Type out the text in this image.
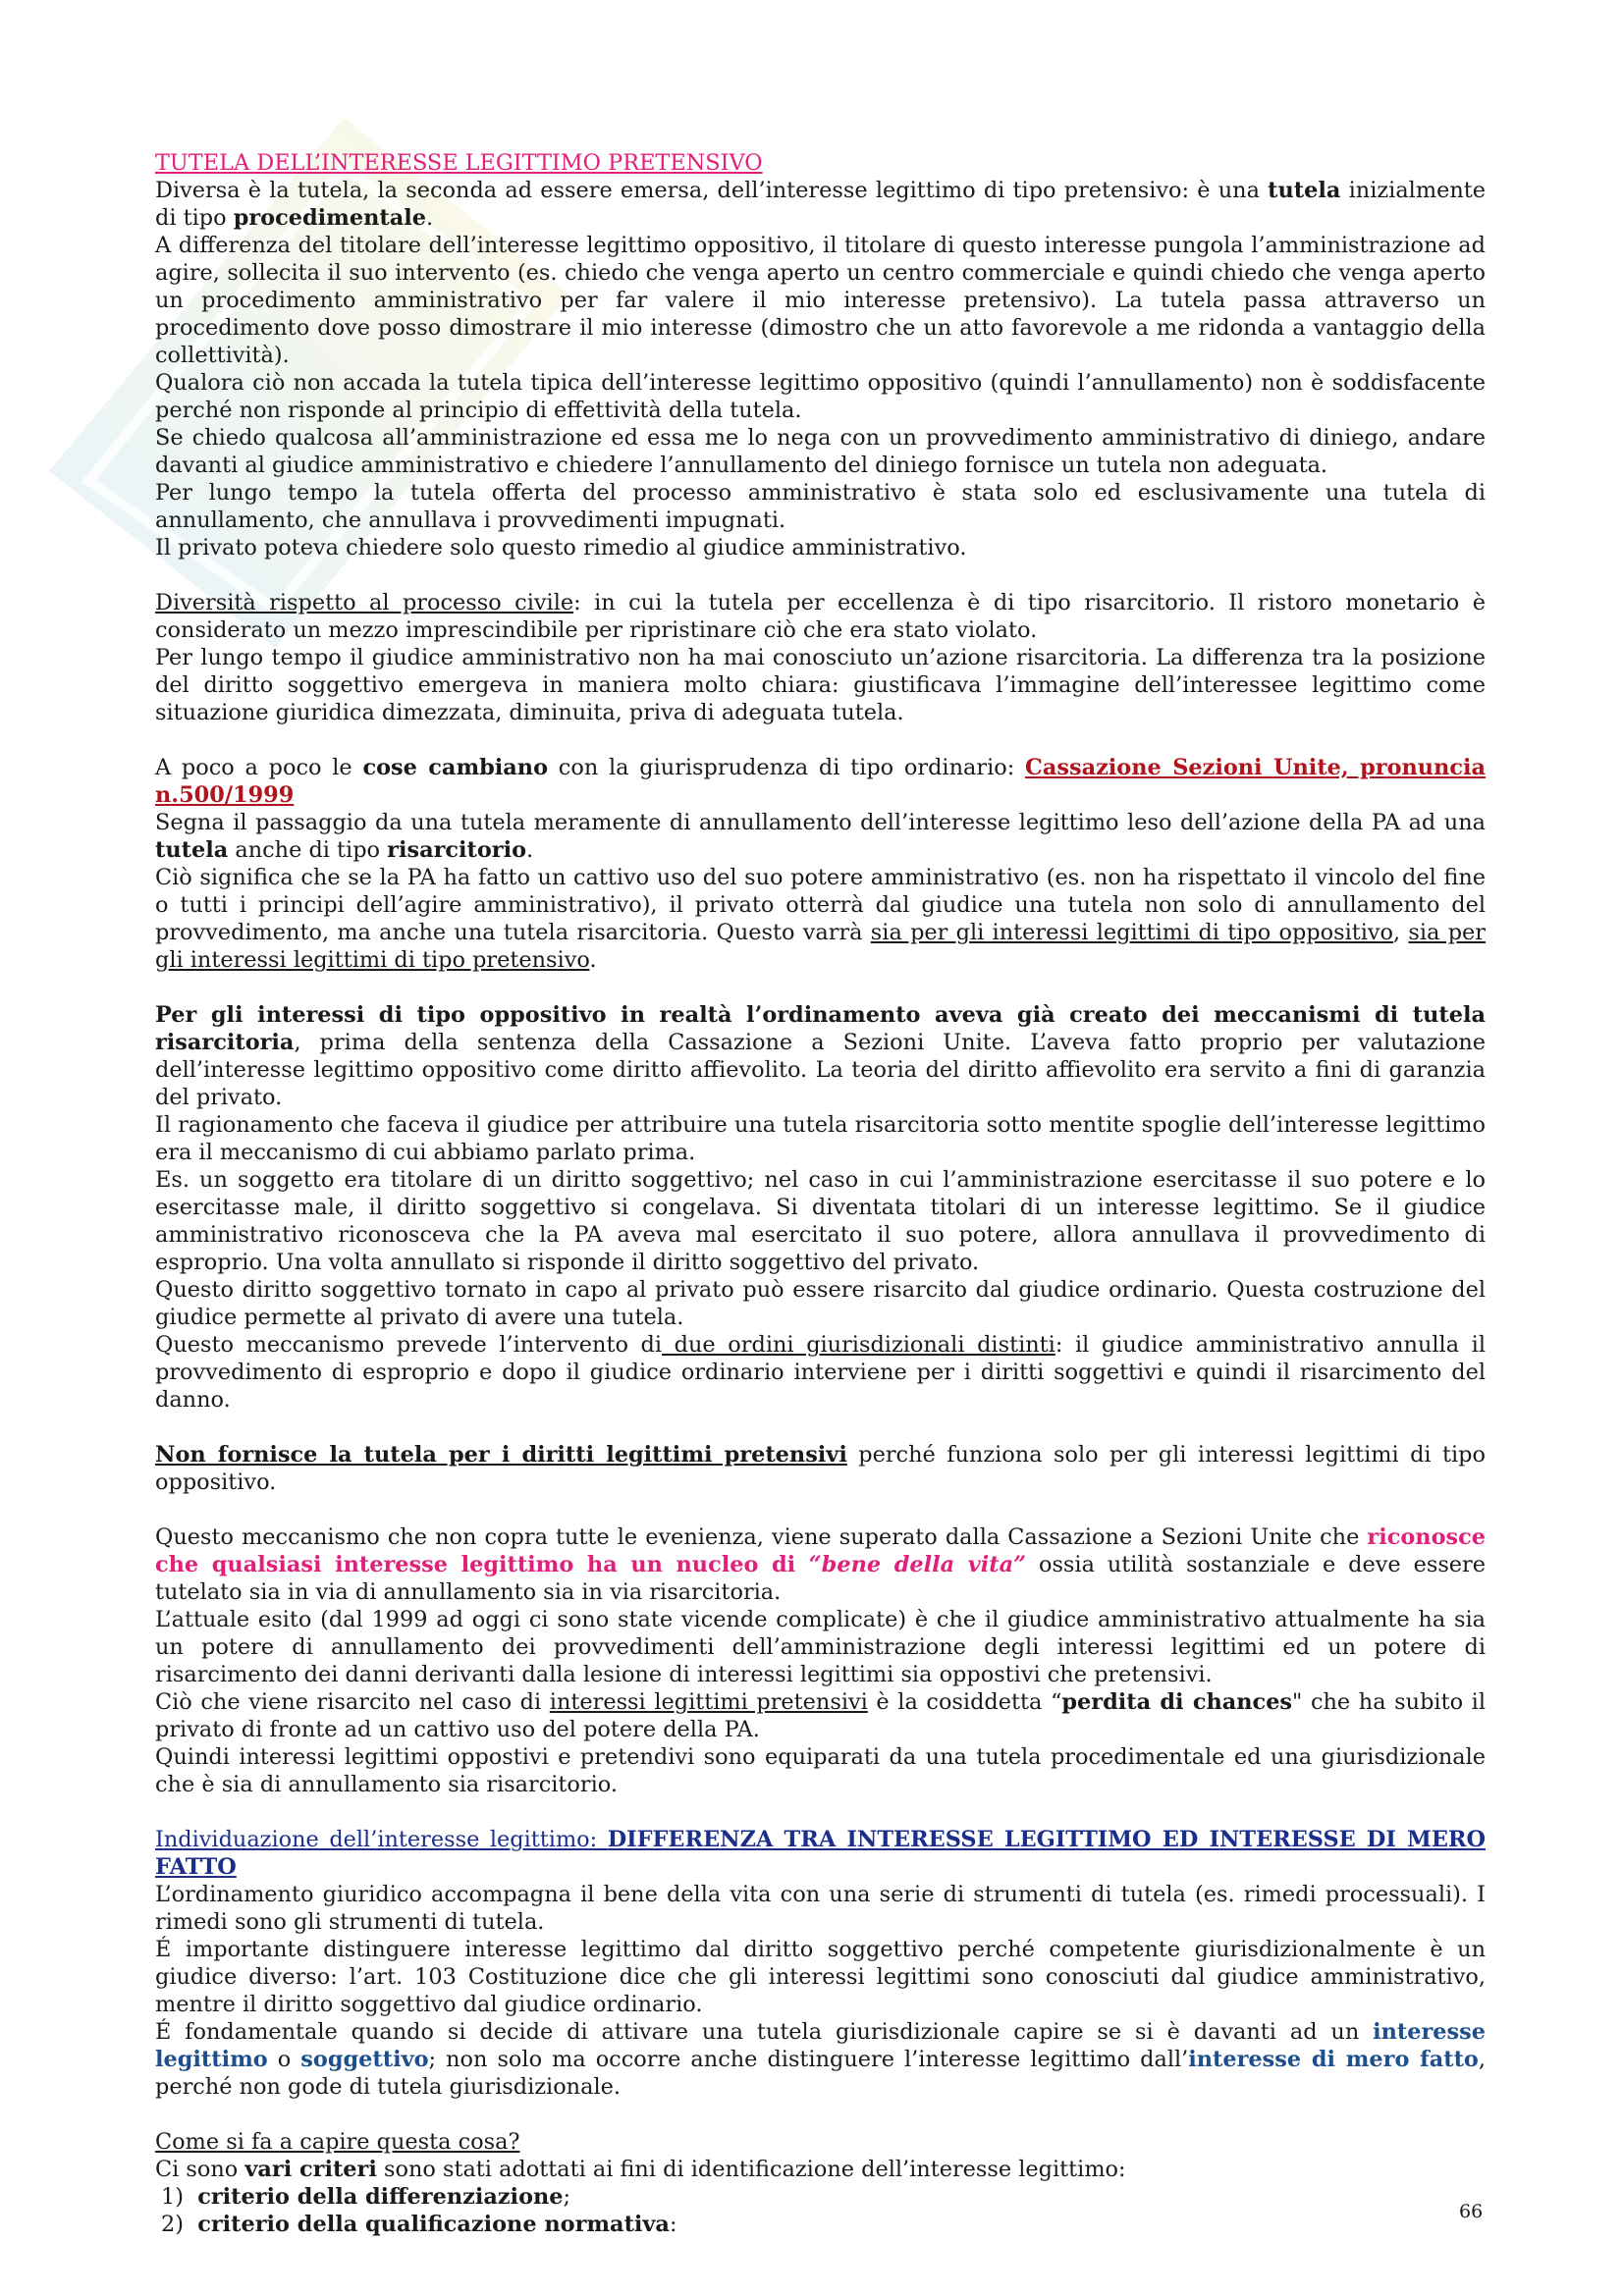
TUTELA DELL’INTERESSE LEGITTIMO PRETENSIVO

Diversa è la tutela, la seconda ad essere emersa, dell’interesse legittimo di tipo pretensivo: è una tutela inizialmente di tipo procedimentale.

A differenza del titolare dell’interesse legittimo oppositivo, il titolare di questo interesse pungola l’amministrazione ad agire, sollecita il suo intervento (es. chiedo che venga aperto un centro commerciale e quindi chiedo che venga aperto un procedimento amministrativo per far valere il mio interesse pretensivo). La tutela passa attraverso un procedimento dove posso dimostrare il mio interesse (dimostro che un atto favorevole a me ridonda a vantaggio della collettività).

Qualora ciò non accada la tutela tipica dell’interesse legittimo oppositivo (quindi l’annullamento) non è soddisfacente perché non risponde al principio di effettività della tutela.

Se chiedo qualcosa all’amministrazione ed essa me lo nega con un provvedimento amministrativo di diniego, andare davanti al giudice amministrativo e chiedere l’annullamento del diniego fornisce un tutela non adeguata.

Per lungo tempo la tutela offerta del processo amministrativo è stata solo ed esclusivamente una tutela di annullamento, che annullava i provvedimenti impugnati.

Il privato poteva chiedere solo questo rimedio al giudice amministrativo.

Diversità rispetto al processo civile: in cui la tutela per eccellenza è di tipo risarcitorio. Il ristoro monetario è considerato un mezzo imprescindibile per ripristinare ciò che era stato violato.

Per lungo tempo il giudice amministrativo non ha mai conosciuto un’azione risarcitoria. La differenza tra la posizione del diritto soggettivo emergeva in maniera molto chiara: giustificava l’immagine dell’interessee legittimo come situazione giuridica dimezzata, diminuita, priva di adeguata tutela.

A poco a poco le cose cambiano con la giurisprudenza di tipo ordinario: Cassazione Sezioni Unite, pronuncia n.500/1999

Segna il passaggio da una tutela meramente di annullamento dell’interesse legittimo leso dell’azione della PA ad una tutela anche di tipo risarcitorio.

Ciò significa che se la PA ha fatto un cattivo uso del suo potere amministrativo (es. non ha rispettato il vincolo del fine o tutti i principi dell’agire amministrativo), il privato otterrà dal giudice una tutela non solo di annullamento del provvedimento, ma anche una tutela risarcitoria. Questo varrà sia per gli interessi legittimi di tipo oppositivo, sia per gli interessi legittimi di tipo pretensivo.

Per gli interessi di tipo oppositivo in realtà l’ordinamento aveva già creato dei meccanismi di tutela risarcitoria, prima della sentenza della Cassazione a Sezioni Unite. L’aveva fatto proprio per valutazione dell’interesse legittimo oppositivo come diritto affievolito. La teoria del diritto affievolito era servito a fini di garanzia del privato.

Il ragionamento che faceva il giudice per attribuire una tutela risarcitoria sotto mentite spoglie dell’interesse legittimo era il meccanismo di cui abbiamo parlato prima.

Es. un soggetto era titolare di un diritto soggettivo; nel caso in cui l’amministrazione esercitasse il suo potere e lo esercitasse male, il diritto soggettivo si congelava. Si diventata titolari di un interesse legittimo. Se il giudice amministrativo riconosceva che la PA aveva mal esercitato il suo potere, allora annullava il provvedimento di esproprio. Una volta annullato si risponde il diritto soggettivo del privato.

Questo diritto soggettivo tornato in capo al privato può essere risarcito dal giudice ordinario. Questa costruzione del giudice permette al privato di avere una tutela.

Questo meccanismo prevede l’intervento di due ordini giurisdizionali distinti: il giudice amministrativo annulla il provvedimento di esproprio e dopo il giudice ordinario interviene per i diritti soggettivi e quindi il risarcimento del danno.

Non fornisce la tutela per i diritti legittimi pretensivi perché funziona solo per gli interessi legittimi di tipo oppositivo.

Questo meccanismo che non copra tutte le evenienza, viene superato dalla Cassazione a Sezioni Unite che riconosce che qualsiasi interesse legittimo ha un nucleo di “bene della vita” ossia utilità sostanziale e deve essere tutelato sia in via di annullamento sia in via risarcitoria.

L’attuale esito (dal 1999 ad oggi ci sono state vicende complicate) è che il giudice amministrativo attualmente ha sia un potere di annullamento dei provvedimenti dell’amministrazione degli interessi legittimi ed un potere di risarcimento dei danni derivanti dalla lesione di interessi legittimi sia oppostivi che pretensivi.

Ciò che viene risarcito nel caso di interessi legittimi pretensivi è la cosiddetta “perdita di chances" che ha subito il privato di fronte ad un cattivo uso del potere della PA.

Quindi interessi legittimi oppostivi e pretendivi sono equiparati da una tutela procedimentale ed una giurisdizionale che è sia di annullamento sia risarcitorio.

Individuazione dell’interesse legittimo: DIFFERENZA TRA INTERESSE LEGITTIMO ED INTERESSE DI MERO FATTO

L’ordinamento giuridico accompagna il bene della vita con una serie di strumenti di tutela (es. rimedi processuali). I rimedi sono gli strumenti di tutela.

É importante distinguere interesse legittimo dal diritto soggettivo perché competente giurisdizionalmente è un giudice diverso: l’art. 103 Costituzione dice che gli interessi legittimi sono conosciuti dal giudice amministrativo, mentre il diritto soggettivo dal giudice ordinario.

É fondamentale quando si decide di attivare una tutela giurisdizionale capire se si è davanti ad un interesse legittimo o soggettivo; non solo ma occorre anche distinguere l’interesse legittimo dall’interesse di mero fatto, perché non gode di tutela giurisdizionale.

Come si fa a capire questa cosa?

Ci sono vari criteri sono stati adottati ai fini di identificazione dell’interesse legittimo:

1) criterio della differenziazione;

2) criterio della qualificazione normativa:	66
